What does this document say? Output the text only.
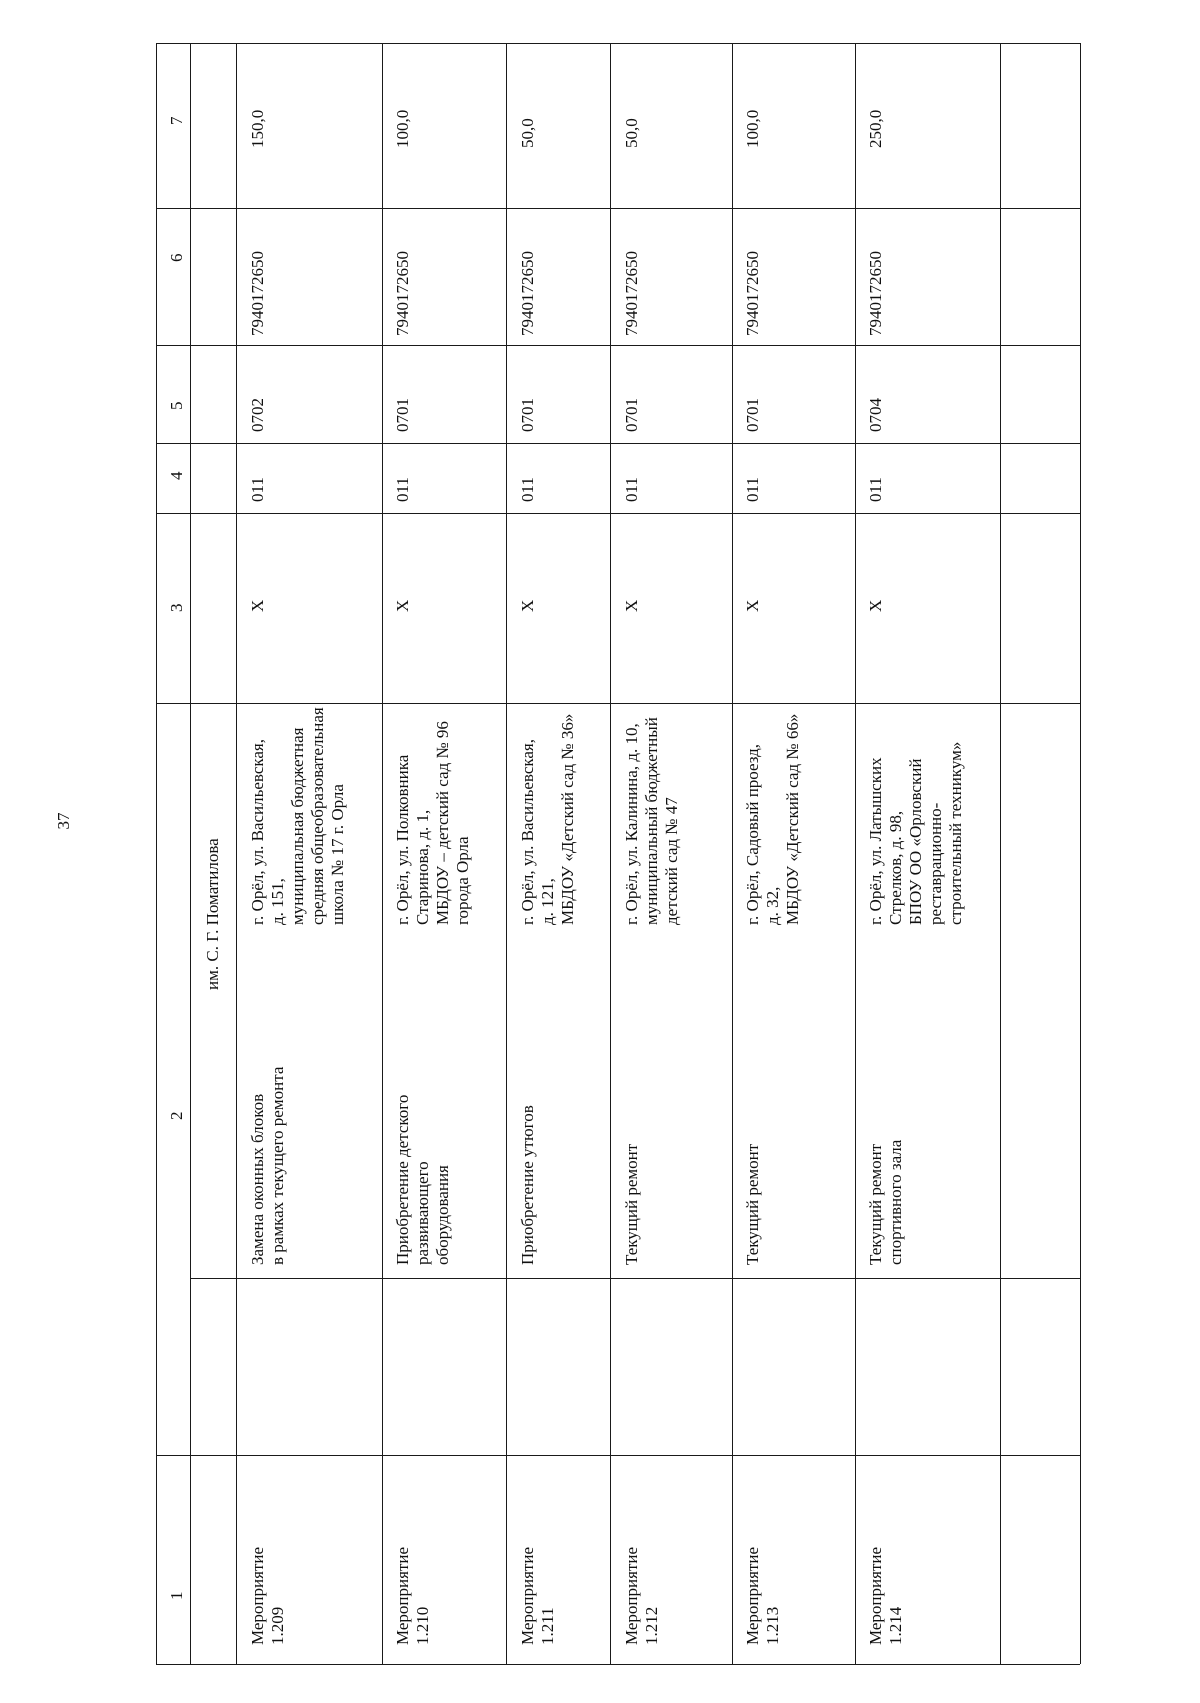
37
1
2
3
4
5
6
7
им. С. Г. Поматилова
Мероприятие 1.209
Замена оконных блоков в рамках текущего ремонта
г. Орёл, ул. Васильевская, д. 151, муниципальная бюджетная средняя общеобразовательная школа № 17 г. Орла
Х
011
0702
7940172650
150,0
Мероприятие 1.210
Приобретение детского развивающего оборудования
г. Орёл, ул. Полковника Старинова, д. 1, МБДОУ – детский сад № 96 города Орла
Х
011
0701
7940172650
100,0
Мероприятие 1.211
Приобретение утюгов
г. Орёл, ул. Васильевская, д. 121, МБДОУ «Детский сад № 36»
Х
011
0701
7940172650
50,0
Мероприятие 1.212
Текущий ремонт
г. Орёл, ул. Калинина, д. 10, муниципальный бюджетный детский сад № 47
Х
011
0701
7940172650
50,0
Мероприятие 1.213
Текущий ремонт
г. Орёл, Садовый проезд, д. 32, МБДОУ «Детский сад № 66»
Х
011
0701
7940172650
100,0
Мероприятие 1.214
Текущий ремонт спортивного зала
г. Орёл, ул. Латышских Стрелков, д. 98, БПОУ ОО «Орловский реставрационно- строительный техникум»
Х
011
0704
7940172650
250,0
